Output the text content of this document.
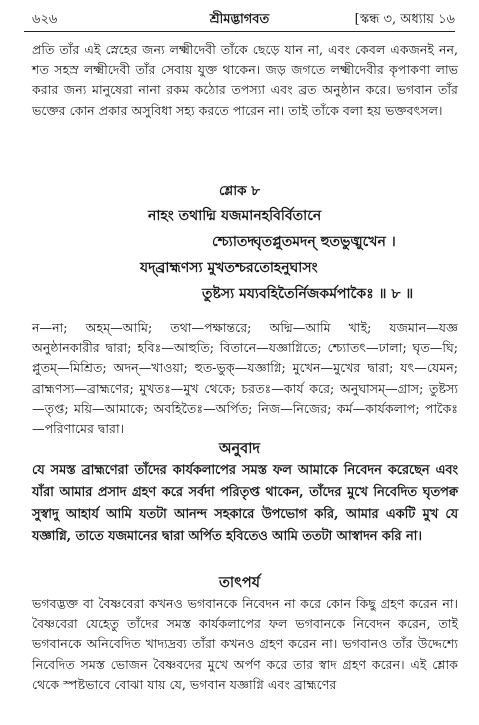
৬২৬	শ্রীমদ্ভাগবত	[স্কন্ধ ৩, অধ্যায় ১৬

প্রতি তাঁর এই স্নেহের জন্য লক্ষ্মীদেবী তাঁকে ছেড়ে যান না, এবং কেবল একজনই নন, শত সহস্র লক্ষ্মীদেবী তাঁর সেবায় যুক্ত থাকেন। জড় জগতে লক্ষ্মীদেবীর কৃপাকণা লাভ করার জন্য মানুষেরা নানা রকম কঠোর তপস্যা এবং ব্রত অনুষ্ঠান করে। ভগবান তাঁর ভক্তের কোন প্রকার অসুবিধা সহ্য করতে পারেন না। তাই তাঁকে বলা হয় ভক্তবৎসল।

শ্লোক ৮

নাহং তথাদ্মি যজমানহবির্বিতানে

শ্চ্যোতদ্ঘৃতপ্লুতমদন্ হুতভুঙ্মুখেন ।

যদ্‌ব্রাহ্মণস্য মুখতশ্চরতোহনুঘাসং

তুষ্টস্য ময্যবহিতৈর্নিজকর্মপাকৈঃ ॥ ৮ ॥

ন—না; অহম্—আমি; তথা—পক্ষান্তরে; অদ্মি—আমি খাই; যজমান—যজ্ঞ অনুষ্ঠানকারীর দ্বারা; হবিঃ—আহুতি; বিতানে—যজ্ঞাগ্নিতে; শ্চ্যোতৎ—ঢালা; ঘৃত—ঘি; প্লুতম্—মিশ্রিত; অদন্—খাওয়া; হুত-ভুক্—যজ্ঞাগ্নি; মুখেন—মুখের দ্বারা; যৎ—যেমন; ব্রাহ্মণস্য—ব্রাহ্মণের; মুখতঃ—মুখ থেকে; চরতঃ—কার্য করে; অনুঘাসম্—গ্রাস; তুষ্টস্য—তৃপ্ত; ময়ি—আমাকে; অবহিতৈঃ—অর্পিত; নিজ—নিজের; কর্ম—কার্যকলাপ; পাকৈঃ—পরিণামের দ্বারা।

অনুবাদ

যে সমস্ত ব্রাহ্মণেরা তাঁদের কার্যকলাপের সমস্ত ফল আমাকে নিবেদন করেছেন এবং যাঁরা আমার প্রসাদ গ্রহণ করে সর্বদা পরিতৃপ্ত থাকেন, তাঁদের মুখে নিবেদিত ঘৃতপক্ব সুস্বাদু আহার্য আমি যতটা আনন্দ সহকারে উপভোগ করি, আমার একটি মুখ যে যজ্ঞাগ্নি, তাতে যজমানের দ্বারা অর্পিত হবিতেও আমি ততটা আস্বাদন করি না।

তাৎপর্য

ভগবদ্ভক্ত বা বৈষ্ণবেরা কখনও ভগবানকে নিবেদন না করে কোন কিছু গ্রহণ করেন না। বৈষ্ণবেরা যেহেতু তাঁদের সমস্ত কার্যকলাপের ফল ভগবানকে নিবেদন করেন, তাই ভগবানকে অনিবেদিত খাদ্যদ্রব্য তাঁরা কখনও গ্রহণ করেন না। ভগবানও তাঁর উদ্দেশ্যে নিবেদিত সমস্ত ভোজন বৈষ্ণবদের মুখে অর্পণ করে তার স্বাদ গ্রহণ করেন। এই শ্লোক থেকে স্পষ্টভাবে বোঝা যায় যে, ভগবান যজ্ঞাগ্নি এবং ব্রাহ্মণের
